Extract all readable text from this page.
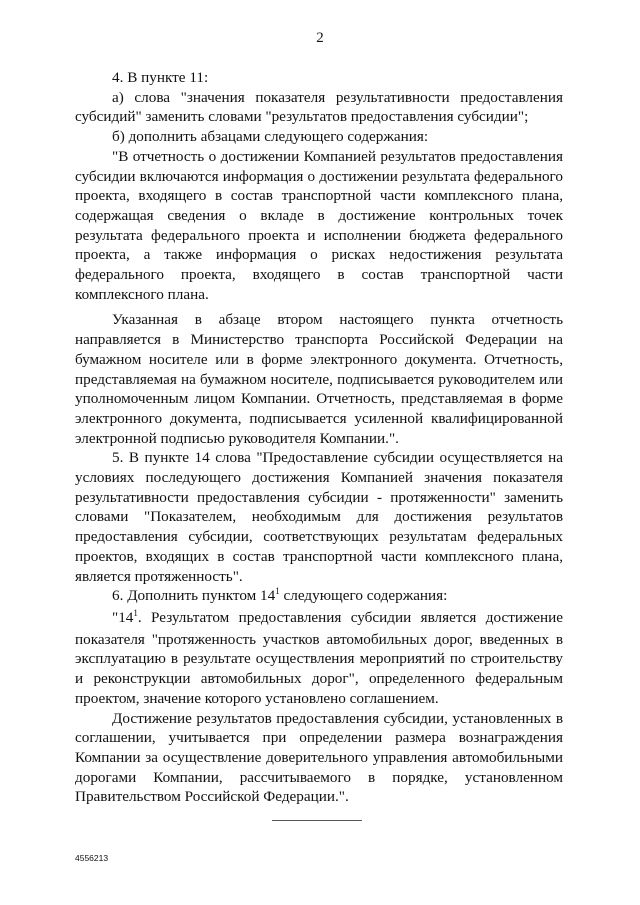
2

4. В пункте 11:

а) слова "значения показателя результативности предоставления субсидий" заменить словами "результатов предоставления субсидии";

б) дополнить абзацами следующего содержания:

"В отчетность о достижении Компанией результатов предоставления субсидии включаются информация о достижении результата федерального проекта, входящего в состав транспортной части комплексного плана, содержащая сведения о вкладе в достижение контрольных точек результата федерального проекта и исполнении бюджета федерального проекта, а также информация о рисках недостижения результата федерального проекта, входящего в состав транспортной части комплексного плана.

Указанная в абзаце втором настоящего пункта отчетность направляется в Министерство транспорта Российской Федерации на бумажном носителе или в форме электронного документа. Отчетность, представляемая на бумажном носителе, подписывается руководителем или уполномоченным лицом Компании. Отчетность, представляемая в форме электронного документа, подписывается усиленной квалифицированной электронной подписью руководителя Компании.".

5. В пункте 14 слова "Предоставление субсидии осуществляется на условиях последующего достижения Компанией значения показателя результативности предоставления субсидии - протяженности" заменить словами "Показателем, необходимым для достижения результатов предоставления субсидии, соответствующих результатам федеральных проектов, входящих в состав транспортной части комплексного плана, является протяженность".

6. Дополнить пунктом $14^1$ следующего содержания:

"$14^1$. Результатом предоставления субсидии является достижение показателя "протяженность участков автомобильных дорог, введенных в эксплуатацию в результате осуществления мероприятий по строительству и реконструкции автомобильных дорог", определенного федеральным проектом, значение которого установлено соглашением.

Достижение результатов предоставления субсидии, установленных в соглашении, учитывается при определении размера вознаграждения Компании за осуществление доверительного управления автомобильными дорогами Компании, рассчитываемого в порядке, установленном Правительством Российской Федерации.".

4556213
